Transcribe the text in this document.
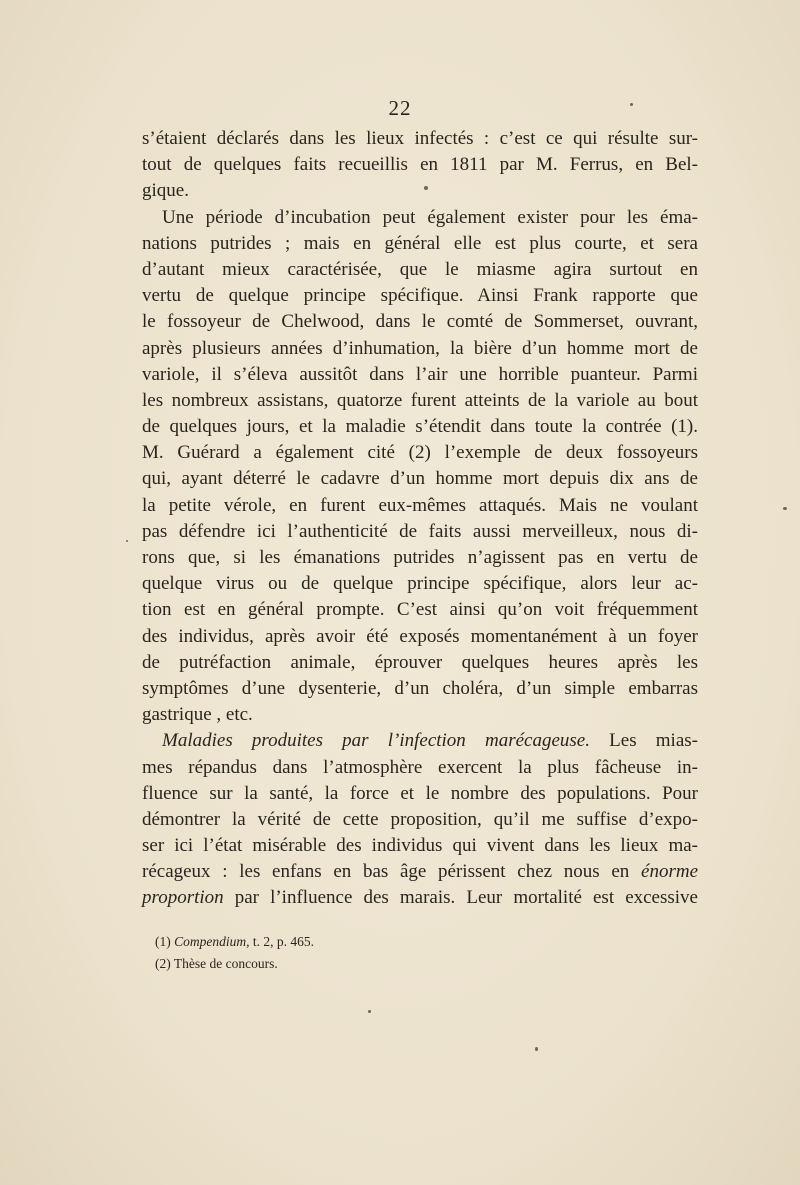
22
s’étaient déclarés dans les lieux infectés : c’est ce qui résulte sur-
tout de quelques faits recueillis en 1811 par M. Ferrus, en Bel-
gique.
Une période d’incubation peut également exister pour les éma-
nations putrides ; mais en général elle est plus courte, et sera
d’autant mieux caractérisée, que le miasme agira surtout en
vertu de quelque principe spécifique. Ainsi Frank rapporte que
le fossoyeur de Chelwood, dans le comté de Sommerset, ouvrant,
après plusieurs années d’inhumation, la bière d’un homme mort de
variole, il s’éleva aussitôt dans l’air une horrible puanteur. Parmi
les nombreux assistans, quatorze furent atteints de la variole au bout
de quelques jours, et la maladie s’étendit dans toute la contrée (1).
M. Guérard a également cité (2) l’exemple de deux fossoyeurs
qui, ayant déterré le cadavre d’un homme mort depuis dix ans de
la petite vérole, en furent eux-mêmes attaqués. Mais ne voulant
pas défendre ici l’authenticité de faits aussi merveilleux, nous di-
rons que, si les émanations putrides n’agissent pas en vertu de
quelque virus ou de quelque principe spécifique, alors leur ac-
tion est en général prompte. C’est ainsi qu’on voit fréquemment
des individus, après avoir été exposés momentanément à un foyer
de putréfaction animale, éprouver quelques heures après les
symptômes d’une dysenterie, d’un choléra, d’un simple embarras
gastrique , etc.
Maladies produites par l’infection marécageuse. Les mias-
mes répandus dans l’atmosphère exercent la plus fâcheuse in-
fluence sur la santé, la force et le nombre des populations. Pour
démontrer la vérité de cette proposition, qu’il me suffise d’expo-
ser ici l’état misérable des individus qui vivent dans les lieux ma-
récageux : les enfans en bas âge périssent chez nous en énorme
proportion par l’influence des marais. Leur mortalité est excessive
(1) Compendium, t. 2, p. 465.
(2) Thèse de concours.
